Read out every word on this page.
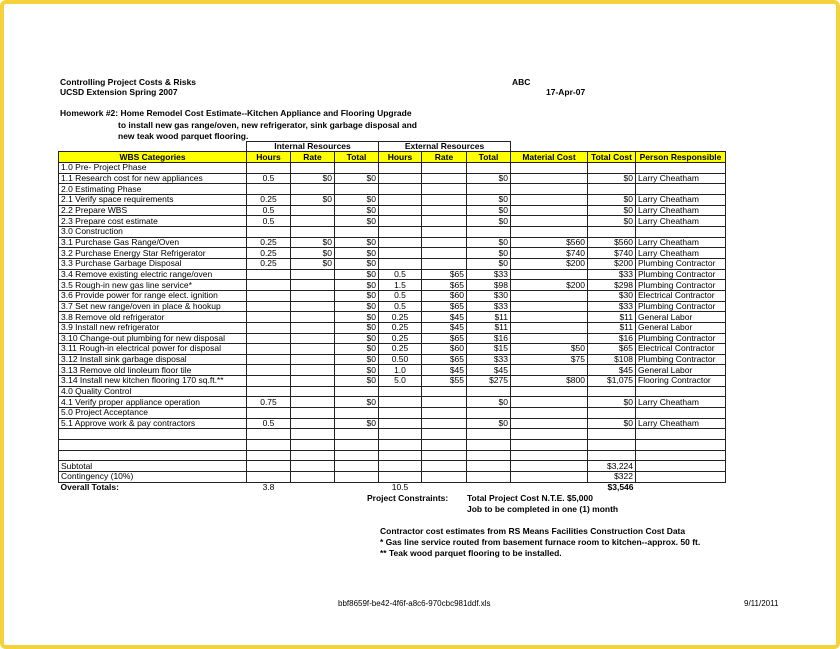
Controlling Project Costs & Risks
UCSD Extension Spring 2007
ABC
17-Apr-07
Homework #2: Home Remodel Cost Estimate--Kitchen Appliance and Flooring Upgrade
to install new gas range/oven, new refrigerator, sink garbage disposal and
new teak wood parquet flooring.
	Internal Resources			External Resources					
WBS Categories	Hours	Rate	Total	Hours	Rate	Total	Material Cost	Total Cost	Person Responsible
1.0 Pre- Project Phase									
1.1 Research cost for new appliances	0.5	$0	$0			$0		$0	Larry Cheatham
2.0 Estimating Phase									
2.1 Verify space requirements	0.25	$0	$0			$0		$0	Larry Cheatham
2.2 Prepare WBS	0.5		$0			$0		$0	Larry Cheatham
2.3 Prepare cost estimate	0.5		$0			$0		$0	Larry Cheatham
3.0 Construction									
3.1 Purchase Gas Range/Oven	0.25	$0	$0			$0	$560	$560	Larry Cheatham
3.2 Purchase Energy Star Refrigerator	0.25	$0	$0			$0	$740	$740	Larry Cheatham
3.3 Purchase Garbage Disposal	0.25	$0	$0			$0	$200	$200	Plumbing Contractor
3.4 Remove existing electric range/oven			$0	0.5	$65	$33		$33	Plumbing Contractor
3.5 Rough-in new gas line service*			$0	1.5	$65	$98	$200	$298	Plumbing Contractor
3.6 Provide power for range elect. ignition			$0	0.5	$60	$30		$30	Electrical Contractor
3.7 Set new range/oven in place & hookup			$0	0.5	$65	$33		$33	Plumbing Contractor
3.8 Remove old refrigerator			$0	0.25	$45	$11		$11	General Labor
3.9 Install new refrigerator			$0	0.25	$45	$11		$11	General Labor
3.10 Change-out plumbing for new disposal			$0	0.25	$65	$16		$16	Plumbing Contractor
3.11 Rough-in electrical power for disposal			$0	0.25	$60	$15	$50	$65	Electrical Contractor
3.12 Install sink garbage disposal			$0	0.50	$65	$33	$75	$108	Plumbing Contractor
3.13 Remove old linoleum floor tile			$0	1.0	$45	$45		$45	General Labor
3.14 Install new kitchen flooring 170 sq.ft.**			$0	5.0	$55	$275	$800	$1,075	Flooring Contractor
4.0 Quality Control									
4.1 Verify proper appliance operation	0.75		$0			$0		$0	Larry Cheatham
5.0 Project Acceptance									
5.1 Approve work & pay contractors	0.5		$0			$0		$0	Larry Cheatham

Subtotal								$3,224	
Contingency (10%)								$322	
Overall Totals:	3.8			10.5				$3,546	
Project Constraints: Total Project Cost N.T.E. $5,000
Job to be completed in one (1) month
Contractor cost estimates from RS Means Facilities Construction Cost Data
* Gas line service routed from basement furnace room to kitchen--approx. 50 ft.
** Teak wood parquet flooring to be installed.
bbf8659f-be42-4f6f-a8c6-970cbc981ddf.xls	9/11/2011
